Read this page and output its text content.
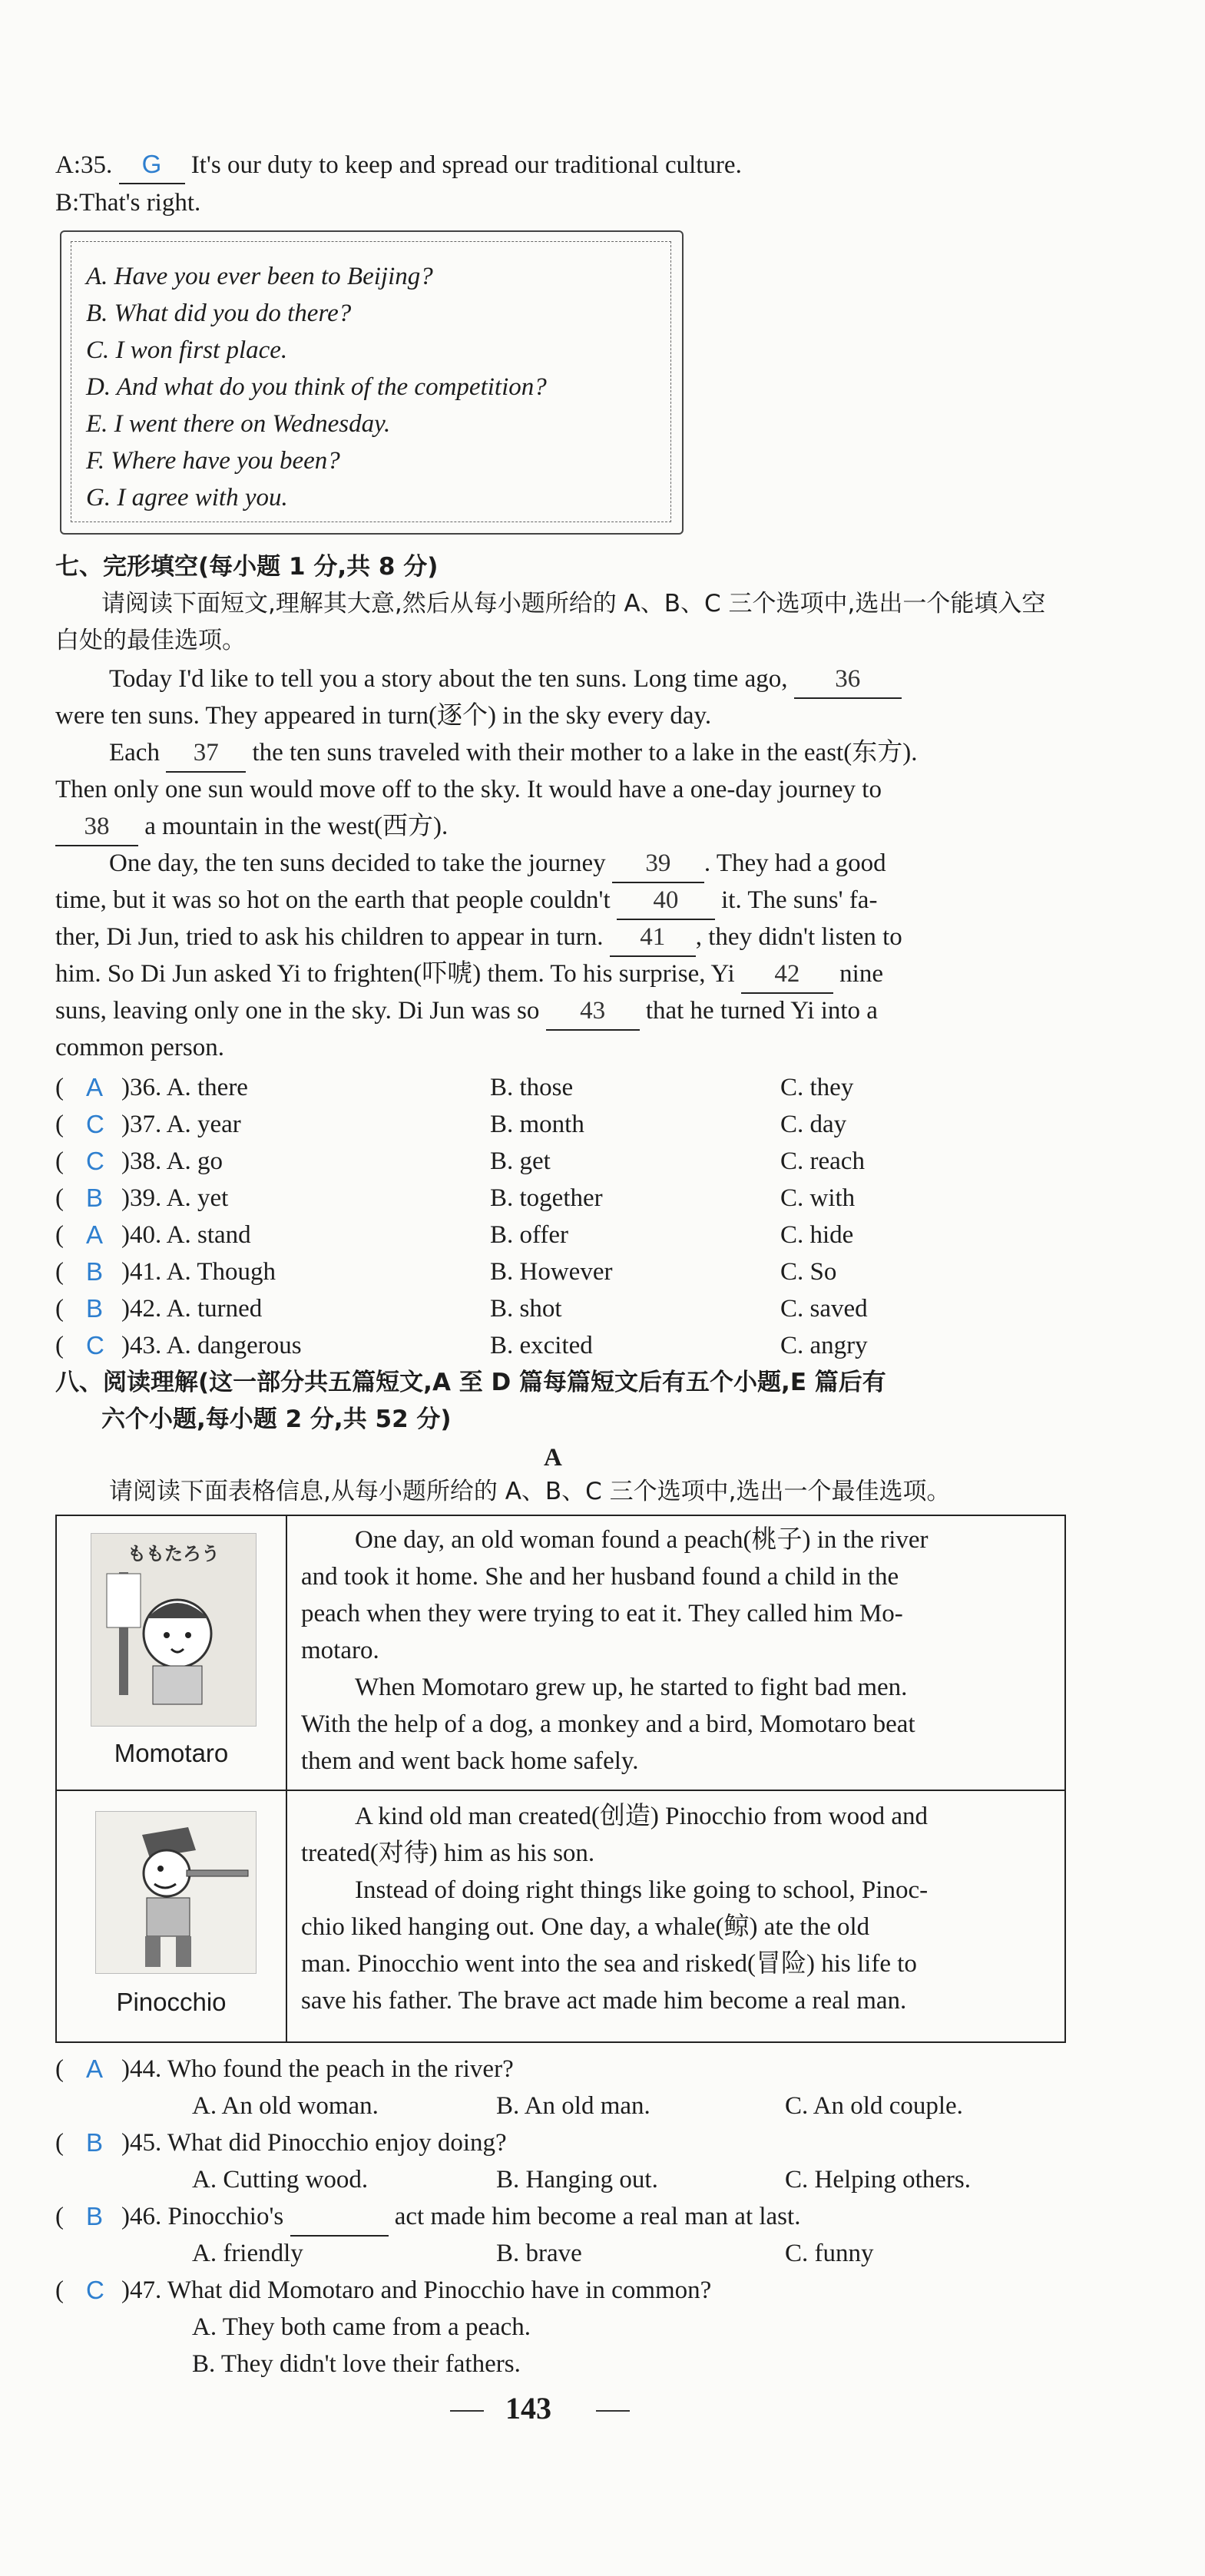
A:35. G It's our duty to keep and spread our traditional culture.
B:That's right.
A. Have you ever been to Beijing?
B. What did you do there?
C. I won first place.
D. And what do you think of the competition?
E. I went there on Wednesday.
F. Where have you been?
G. I agree with you.
七、完形填空(每小题 1 分,共 8 分)
请阅读下面短文,理解其大意,然后从每小题所给的 A、B、C 三个选项中,选出一个能填入空白处的最佳选项。
Today I'd like to tell you a story about the ten suns. Long time ago, 36
were ten suns. They appeared in turn(逐个) in the sky every day.
Each 37 the ten suns traveled with their mother to a lake in the east(东方).
Then only one sun would move off to the sky. It would have a one-day journey to
38 a mountain in the west(西方).
One day, the ten suns decided to take the journey 39 . They had a good
time, but it was so hot on the earth that people couldn't 40 it. The suns' fa-
ther, Di Jun, tried to ask his children to appear in turn. 41 , they didn't listen to
him. So Di Jun asked Yi to frighten(吓唬) them. To his surprise, Yi 42 nine
suns, leaving only one in the sky. Di Jun was so 43 that he turned Yi into a
common person.
( A )36. A. there	B. those	C. they
( C )37. A. year	B. month	C. day
( C )38. A. go	B. get	C. reach
( B )39. A. yet	B. together	C. with
( A )40. A. stand	B. offer	C. hide
( B )41. A. Though	B. However	C. So
( B )42. A. turned	B. shot	C. saved
( C )43. A. dangerous	B. excited	C. angry
八、阅读理解(这一部分共五篇短文,A 至 D 篇每篇短文后有五个小题,E 篇后有
六个小题,每小题 2 分,共 52 分)
A
请阅读下面表格信息,从每小题所给的 A、B、C 三个选项中,选出一个最佳选项。
ももたろう
Momotaro
One day, an old woman found a peach(桃子) in the river
and took it home. She and her husband found a child in the
peach when they were trying to eat it. They called him Mo-
motaro.
When Momotaro grew up, he started to fight bad men.
With the help of a dog, a monkey and a bird, Momotaro beat
them and went back home safely.
Pinocchio
A kind old man created(创造) Pinocchio from wood and
treated(对待) him as his son.
Instead of doing right things like going to school, Pinoc-
chio liked hanging out. One day, a whale(鲸) ate the old
man. Pinocchio went into the sea and risked(冒险) his life to
save his father. The brave act made him become a real man.
( A )44. Who found the peach in the river?
A. An old woman.	B. An old man.	C. An old couple.
( B )45. What did Pinocchio enjoy doing?
A. Cutting wood.	B. Hanging out.	C. Helping others.
( B )46. Pinocchio's	act made him become a real man at last.
A. friendly	B. brave	C. funny
( C )47. What did Momotaro and Pinocchio have in common?
A. They both came from a peach.
B. They didn't love their fathers.
143
